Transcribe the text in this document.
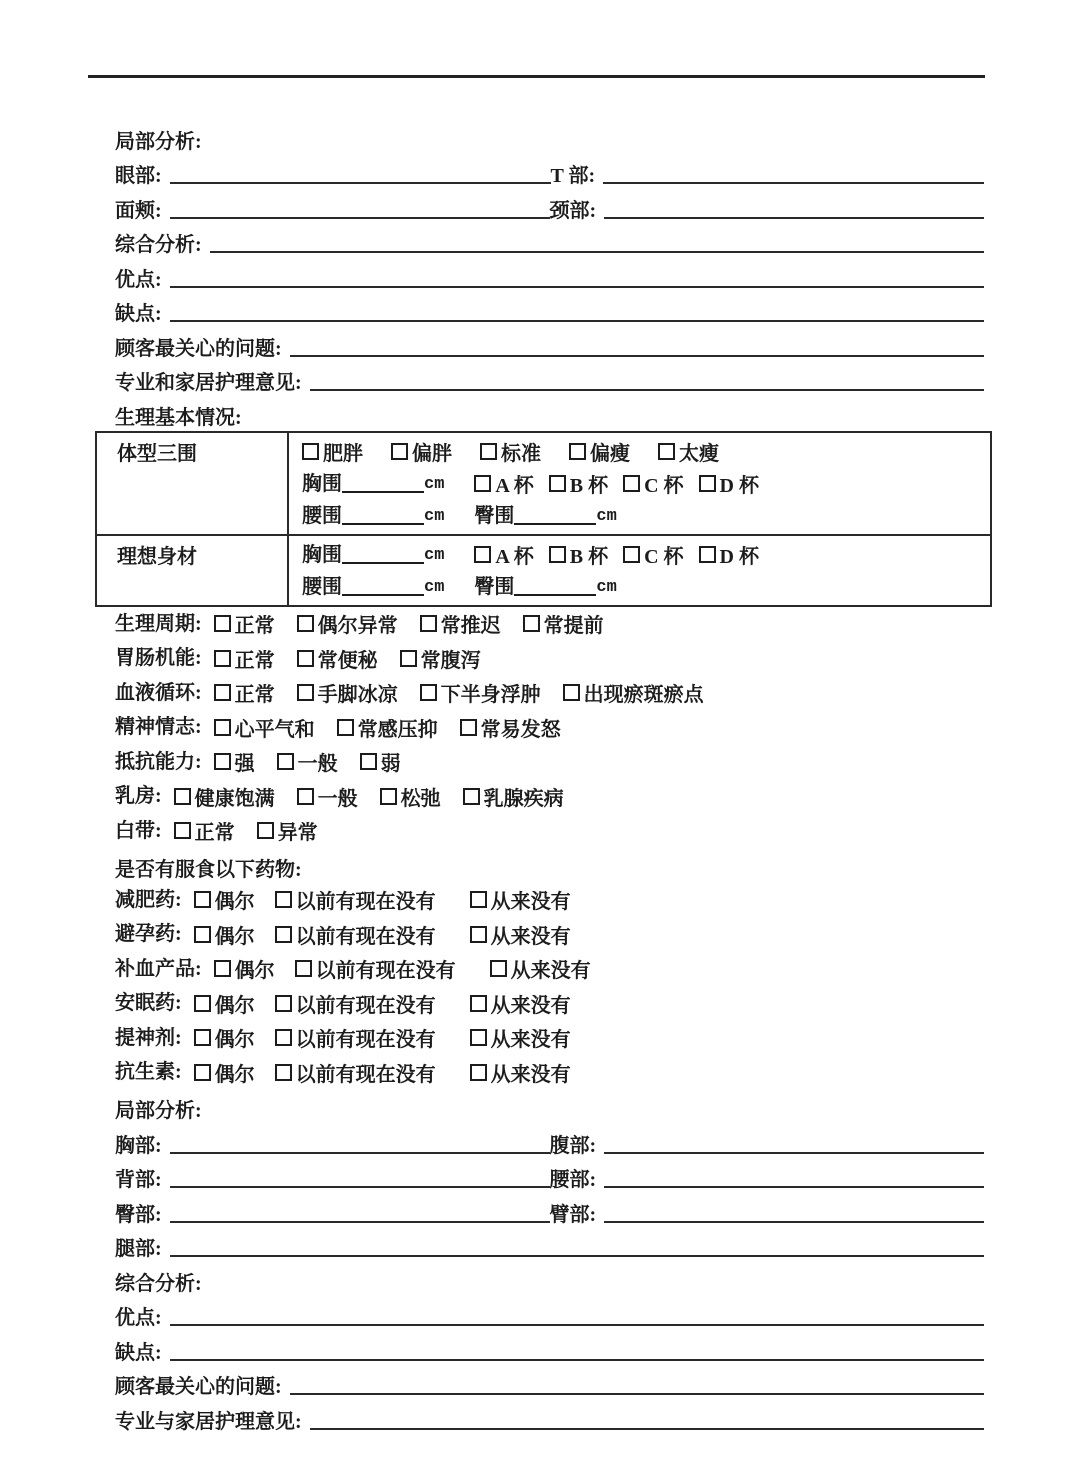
局部分析:
眼部:	T 部:
面颊:	颈部:
综合分析:
优点:
缺点:
顾客最关心的问题:
专业和家居护理意见:
生理基本情况:
体型三围	肥胖 偏胖 标准 偏瘦 太瘦
胸围	cm	A 杯 B 杯 C 杯 D 杯
腰围	cm 臀围	cm

理想身材	胸围	cm	A 杯 B 杯 C 杯 D 杯
腰围	cm 臀围	cm
生理周期: 正常 偶尔异常 常推迟 常提前
胃肠机能: 正常 常便秘 常腹泻
血液循环: 正常 手脚冰凉 下半身浮肿 出现瘀斑瘀点
精神情志: 心平气和 常感压抑 常易发怒
抵抗能力: 强 一般 弱
乳房: 健康饱满 一般 松弛 乳腺疾病
白带: 正常 异常
是否有服食以下药物:
减肥药: 偶尔 以前有现在没有	从来没有
避孕药: 偶尔 以前有现在没有	从来没有
补血产品: 偶尔 以前有现在没有	从来没有
安眠药: 偶尔 以前有现在没有	从来没有
提神剂: 偶尔 以前有现在没有	从来没有
抗生素: 偶尔 以前有现在没有	从来没有
局部分析:
胸部:	腹部:
背部:	腰部:
臀部:	臂部:
腿部:
综合分析:
优点:
缺点:
顾客最关心的问题:
专业与家居护理意见:
